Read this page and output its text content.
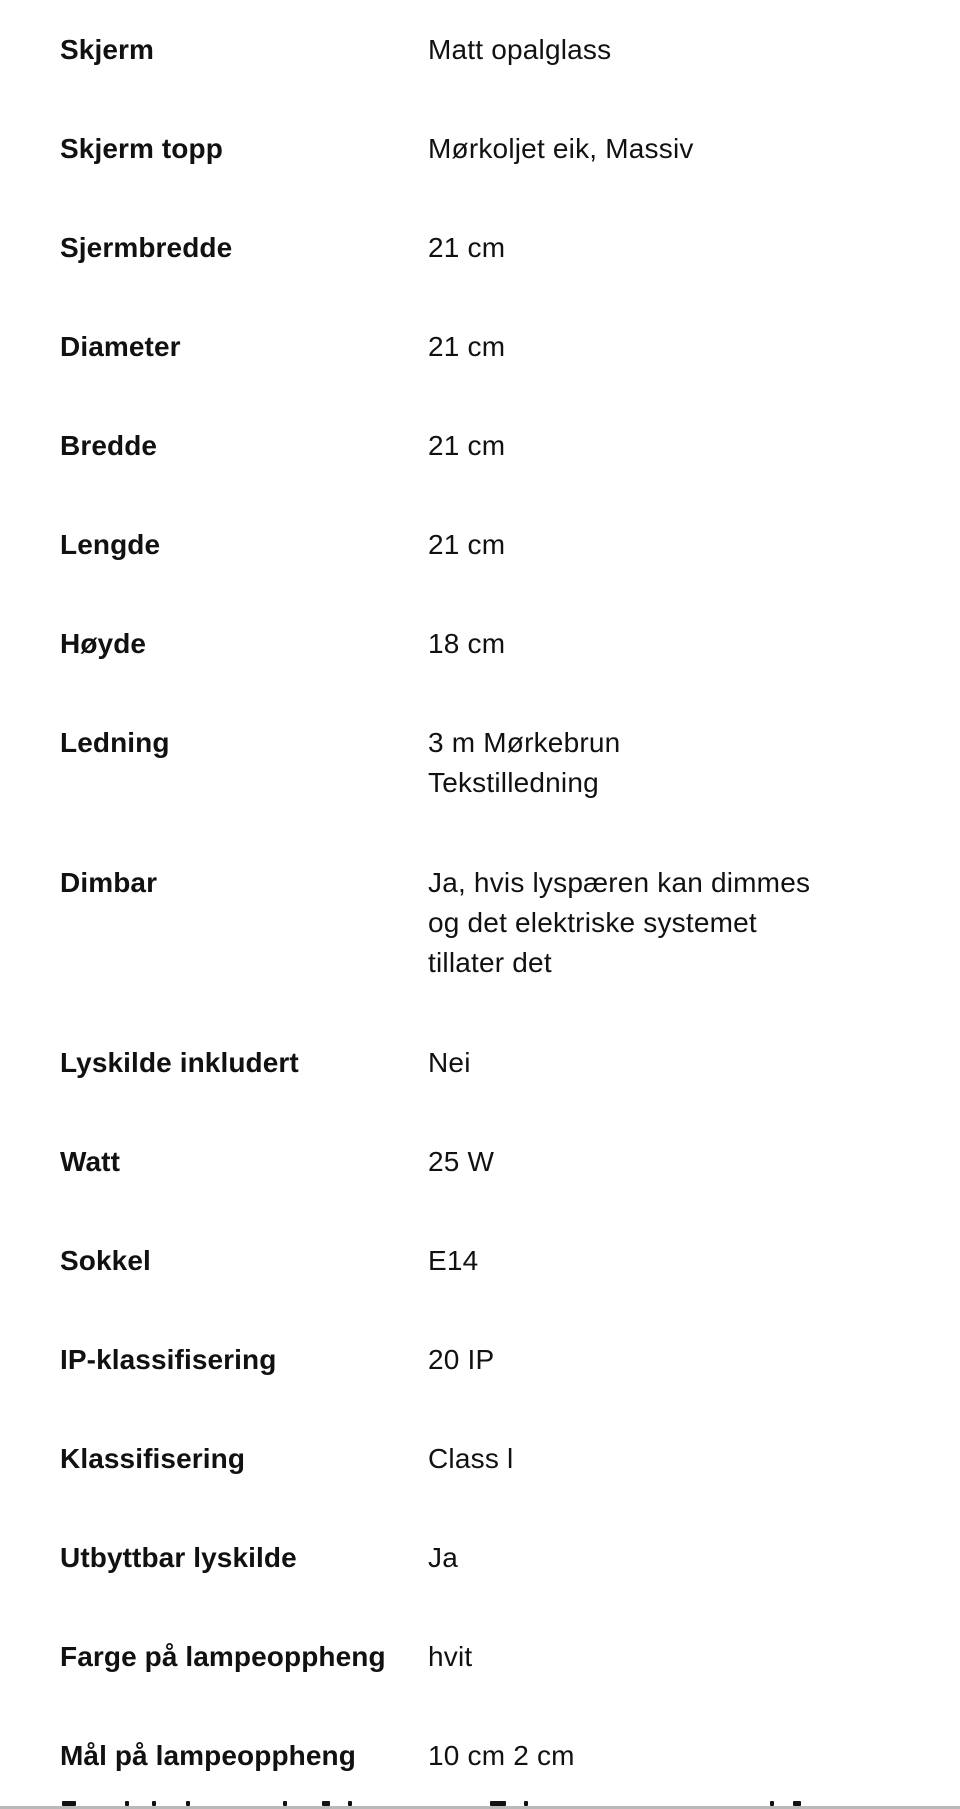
Skjerm	Matt opalglass
Skjerm topp	Mørkoljet eik, Massiv
Sjermbredde	21 cm
Diameter	21 cm
Bredde	21 cm
Lengde	21 cm
Høyde	18 cm
Ledning	3 m Mørkebrun Tekstilledning
Dimbar	Ja, hvis lyspæren kan dimmes og det elektriske systemet tillater det
Lyskilde inkludert	Nei
Watt	25 W
Sokkel	E14
IP-klassifisering	20 IP
Klassifisering	Class l
Utbyttbar lyskilde	Ja
Farge på lampeoppheng	hvit
Mål på lampeoppheng	10 cm 2 cm
